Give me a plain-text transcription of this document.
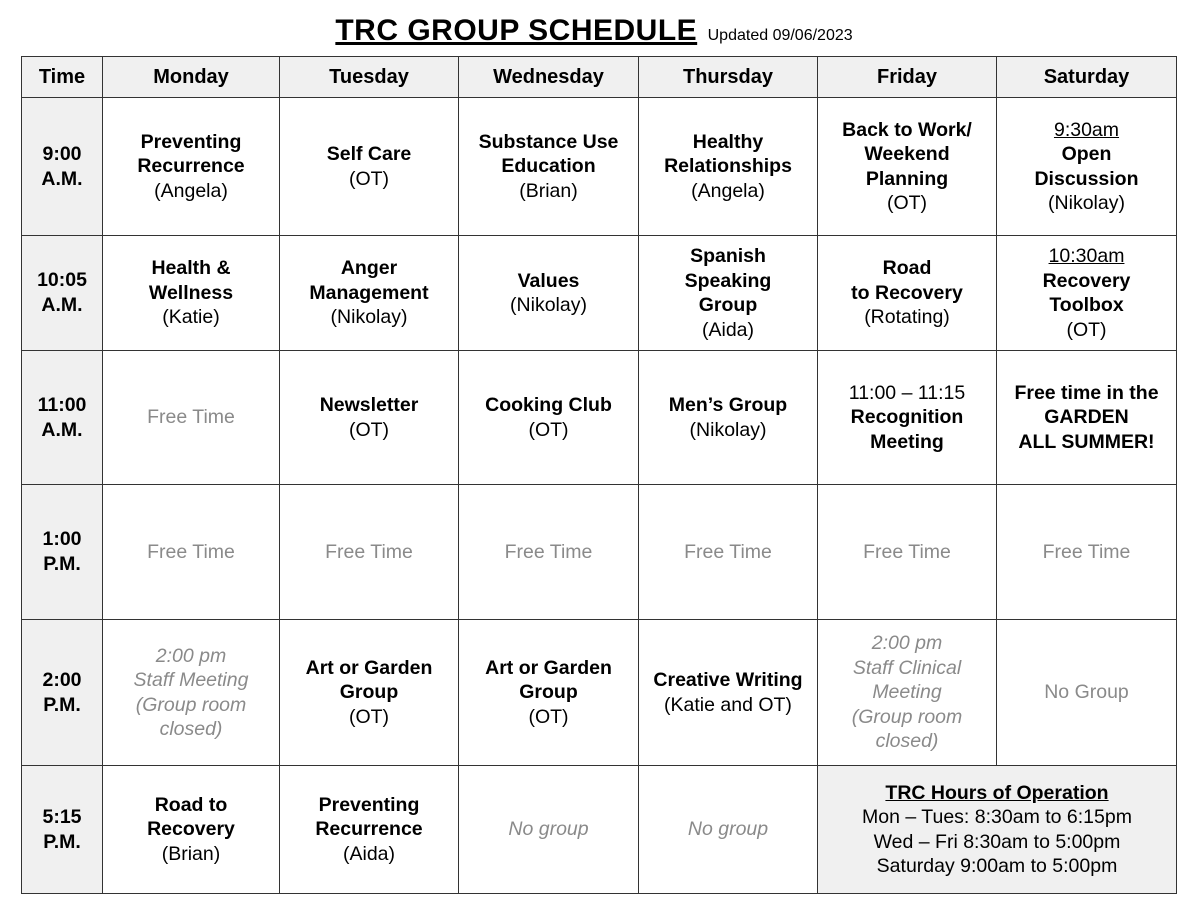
TRC GROUP SCHEDULE Updated 09/06/2023
Time	Monday	Tuesday	Wednesday	Thursday	Friday	Saturday

9:00
A.M.	Preventing
Recurrence
(Angela)	Self Care
(OT)	Substance Use
Education
(Brian)	Healthy
Relationships
(Angela)	Back to Work/
Weekend
Planning
(OT)	9:30am
Open
Discussion
(Nikolay)

10:05
A.M.	Health &
Wellness
(Katie)	Anger
Management
(Nikolay)	Values
(Nikolay)	Spanish
Speaking
Group
(Aida)	Road
to Recovery
(Rotating)	10:30am
Recovery
Toolbox
(OT)

11:00
A.M.	Free Time	Newsletter
(OT)	Cooking Club
(OT)	Men’s Group
(Nikolay)	11:00 – 11:15
Recognition
Meeting	Free time in the
GARDEN
ALL SUMMER!

1:00
P.M.	Free Time	Free Time	Free Time	Free Time	Free Time	Free Time

2:00
P.M.	2:00 pm
Staff Meeting
(Group room
closed)	Art or Garden
Group
(OT)	Art or Garden
Group
(OT)	Creative Writing
(Katie and OT)	2:00 pm
Staff Clinical
Meeting
(Group room
closed)	No Group

5:15
P.M.	Road to
Recovery
(Brian)	Preventing
Recurrence
(Aida)	No group	No group	TRC Hours of Operation
Mon – Tues: 8:30am to 6:15pm
Wed – Fri 8:30am to 5:00pm
Saturday 9:00am to 5:00pm	
